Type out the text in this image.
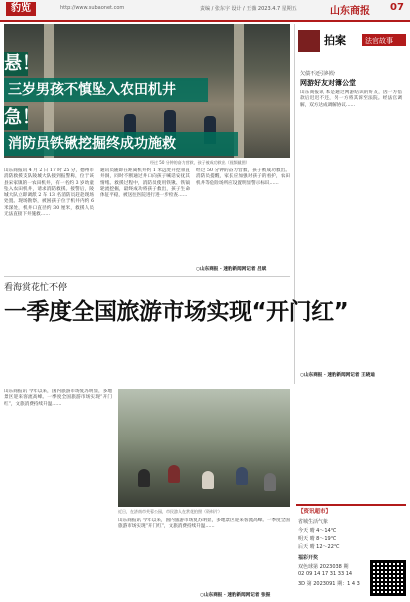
豹览	http://www.subaonet.com	责编 / 张东宇 设计 / 王薇 2023.4.7 星期五	山东商报 07
悬！
三岁男孩不慎坠入农田机井
急！
消防员铁锹挖掘终成功施救
经过 50 分钟的奋力营救，孩子被成功救出（视频截图）
山东商报讯 4 月 2 日 17 时 25 分，德州市消防救援支队陵城大队接到报警称，位于该县宋家镇的一农田机井，有一名约 3 岁幼童坠入农田机井，请求消防救援。接警后，陵城大队立即调派 2 车 13 名消防员赶赴现场处置。现场勘察，被困孩子位于机井内约 6 米深处，机井口直径约 30 厘米，救援人员无法直接下井施救……
通讯员随即在距离机井约 1 米远处开挖垂直井洞，同时不断通过井口向孩子喊话安抚其情绪。救援过程中，消防员使用铁锹、铁镐轮流挖掘，最终成功将孩子救出，孩子生命体征平稳，被送往医院进行进一步检查……
经过 50 分钟的奋力营救，孩子被成功救出。消防员提醒，家长应加强对孩子的看护，农田机井等危险场所应设置明显警示标识……
○山东商报 · 速豹新闻网记者 吕斌
拍案	法官故事
欠债不还引纠纷
网游好友对簿公堂
山东商报讯 本是通过网游结识的好友，因一方借款后迟迟不还，另一方将其诉至法院。经法官调解，双方达成调解协议……
○山东商报 · 速豹新闻网记者 王晓迪
看海赏花忙不停
一季度全国旅游市场实现“开门红”
山东商报讯 今年以来，国内旅游市场复苏明显，多地景区迎来客流高峰。一季度全国旅游市场实现“开门红”，文旅消费持续升温……
近日，在济南市芙蓉公园，市民游人在赏花拍照（资料片）
山东商报讯 今年以来，国内旅游市场复苏明显，多地景区迎来客流高峰。一季度全国旅游市场实现“开门红”，文旅消费持续升温……
○山东商报 · 速豹新闻网记者 张振
【资讯超市】
省城生活气象
今天 晴 4～14℃
明天 晴 8～19℃
后天 晴 12～22℃
福彩开奖
双色球第 2023038 期
02 09 14 17 31 33 14
3D 第 2023091 期：1 4 3
